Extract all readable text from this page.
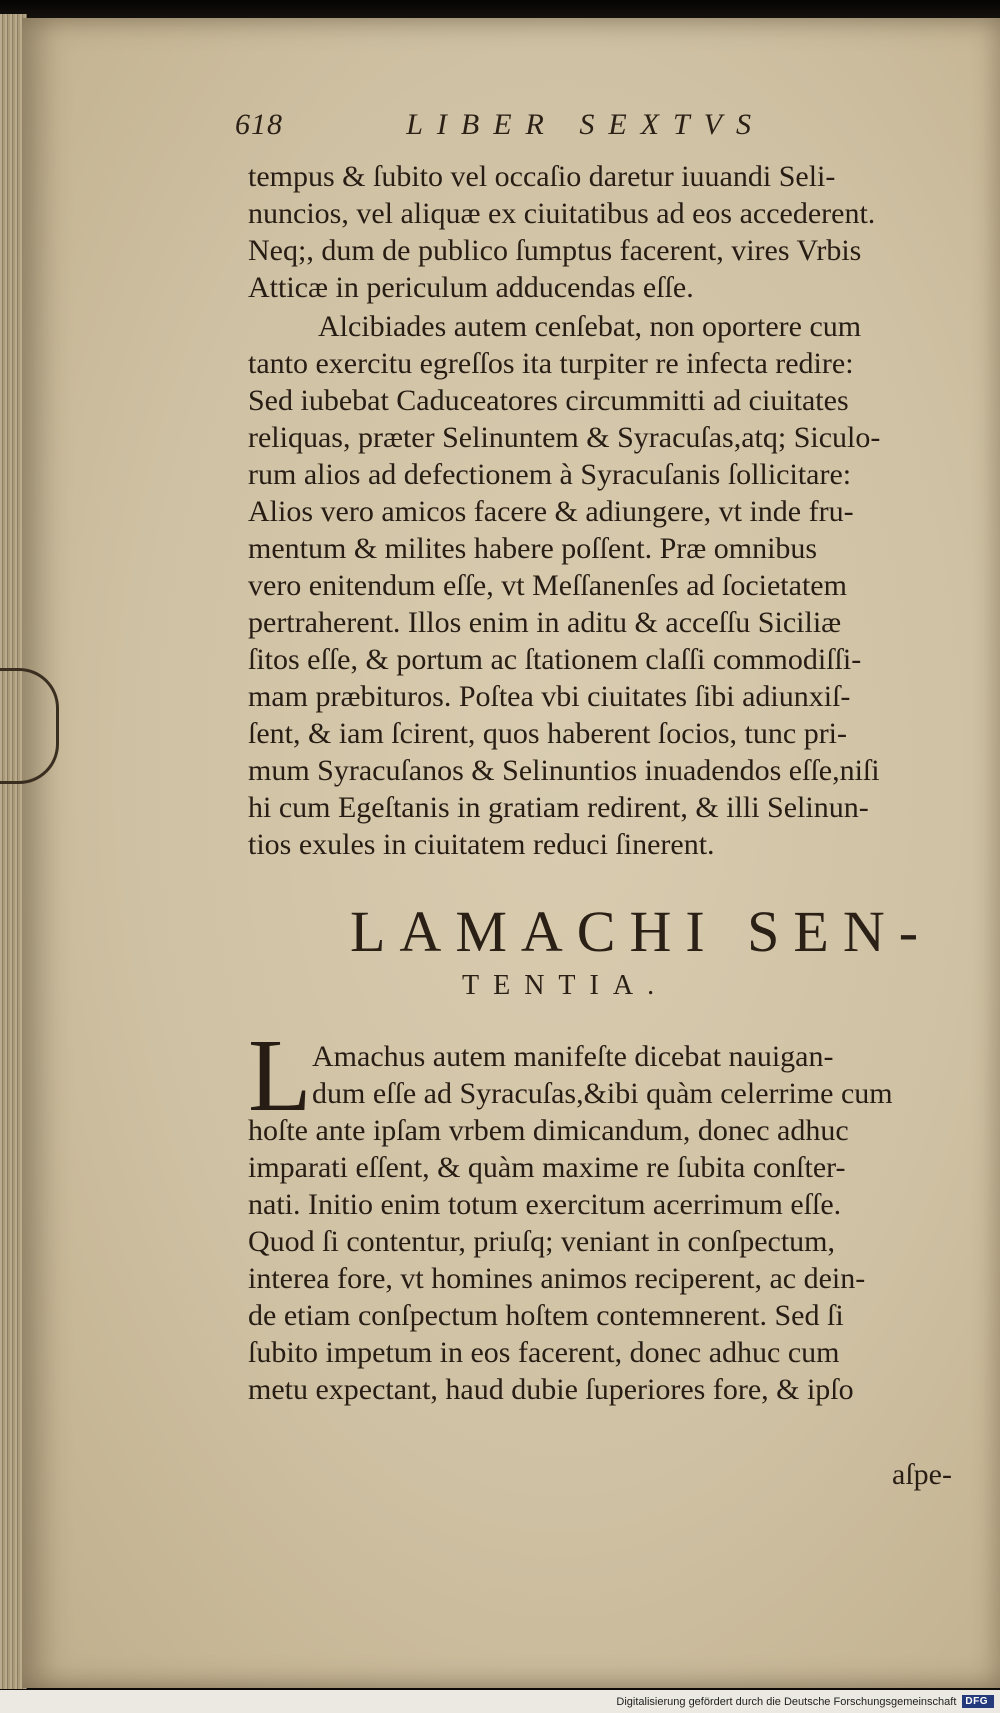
618	LIBER SEXTVS
tempus & ſubito vel occaſio daretur iuuandi Seli-
nuncios, vel aliquæ ex ciuitatibus ad eos accederent.
Neq;, dum de publico ſumptus facerent, vires Vrbis
Atticæ in periculum adducendas eſſe.
Alcibiades autem cenſebat, non oportere cum
tanto exercitu egreſſos ita turpiter re infecta redire:
Sed iubebat Caduceatores circummitti ad ciuitates
reliquas, præter Selinuntem & Syracuſas,atq; Siculo-
rum alios ad defectionem à Syracuſanis ſollicitare:
Alios vero amicos facere & adiungere, vt inde fru-
mentum & milites habere poſſent. Præ omnibus
vero enitendum eſſe, vt Meſſanenſes ad ſocietatem
pertraherent. Illos enim in aditu & acceſſu Siciliæ
ſitos eſſe, & portum ac ſtationem claſſi commodiſſi-
mam præbituros. Poſtea vbi ciuitates ſibi adiunxiſ-
ſent, & iam ſcirent, quos haberent ſocios, tunc pri-
mum Syracuſanos & Selinuntios inuadendos eſſe,niſi
hi cum Egeſtanis in gratiam redirent, & illi Selinun-
tios exules in ciuitatem reduci ſinerent.
LAMACHI SEN-
TENTIA.
L Amachus autem manifeſte dicebat nauigan-
dum eſſe ad Syracuſas,&ibi quàm celerrime cum
hoſte ante ipſam vrbem dimicandum, donec adhuc
imparati eſſent, & quàm maxime re ſubita conſter-
nati. Initio enim totum exercitum acerrimum eſſe.
Quod ſi contentur, priuſq; veniant in conſpectum,
interea fore, vt homines animos reciperent, ac dein-
de etiam conſpectum hoſtem contemnerent. Sed ſi
ſubito impetum in eos facerent, donec adhuc cum
metu expectant, haud dubie ſuperiores fore, & ipſo
aſpe-
Digitalisierung gefördert durch die Deutsche Forschungsgemeinschaft DFG
